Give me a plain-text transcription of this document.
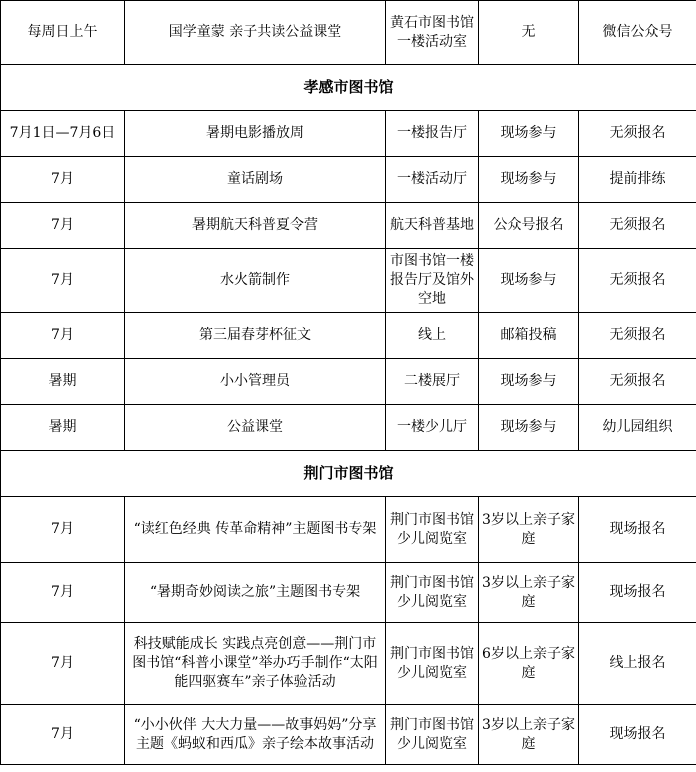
每周日上午	国学童蒙 亲子共读公益课堂	黄石市图书馆一楼活动室	无	微信公众号
孝感市图书馆				
7月1日—7月6日	暑期电影播放周	一楼报告厅	现场参与	无须报名
7月	童话剧场	一楼活动厅	现场参与	提前排练
7月	暑期航天科普夏令营	航天科普基地	公众号报名	无须报名
7月	水火箭制作	市图书馆一楼报告厅及馆外空地	现场参与	无须报名
7月	第三届春芽杯征文	线上	邮箱投稿	无须报名
暑期	小小管理员	二楼展厅	现场参与	无须报名
暑期	公益课堂	一楼少儿厅	现场参与	幼儿园组织
荆门市图书馆				
7月	“读红色经典 传革命精神”主题图书专架	荆门市图书馆少儿阅览室	3岁以上亲子家庭	现场报名
7月	“暑期奇妙阅读之旅”主题图书专架	荆门市图书馆少儿阅览室	3岁以上亲子家庭	现场报名
7月	科技赋能成长 实践点亮创意——荆门市图书馆“科普小课堂”举办巧手制作“太阳能四驱赛车”亲子体验活动	荆门市图书馆少儿阅览室	6岁以上亲子家庭	线上报名
7月	“小小伙伴 大大力量——故事妈妈”分享主题《蚂蚁和西瓜》亲子绘本故事活动	荆门市图书馆少儿阅览室	3岁以上亲子家庭	现场报名
